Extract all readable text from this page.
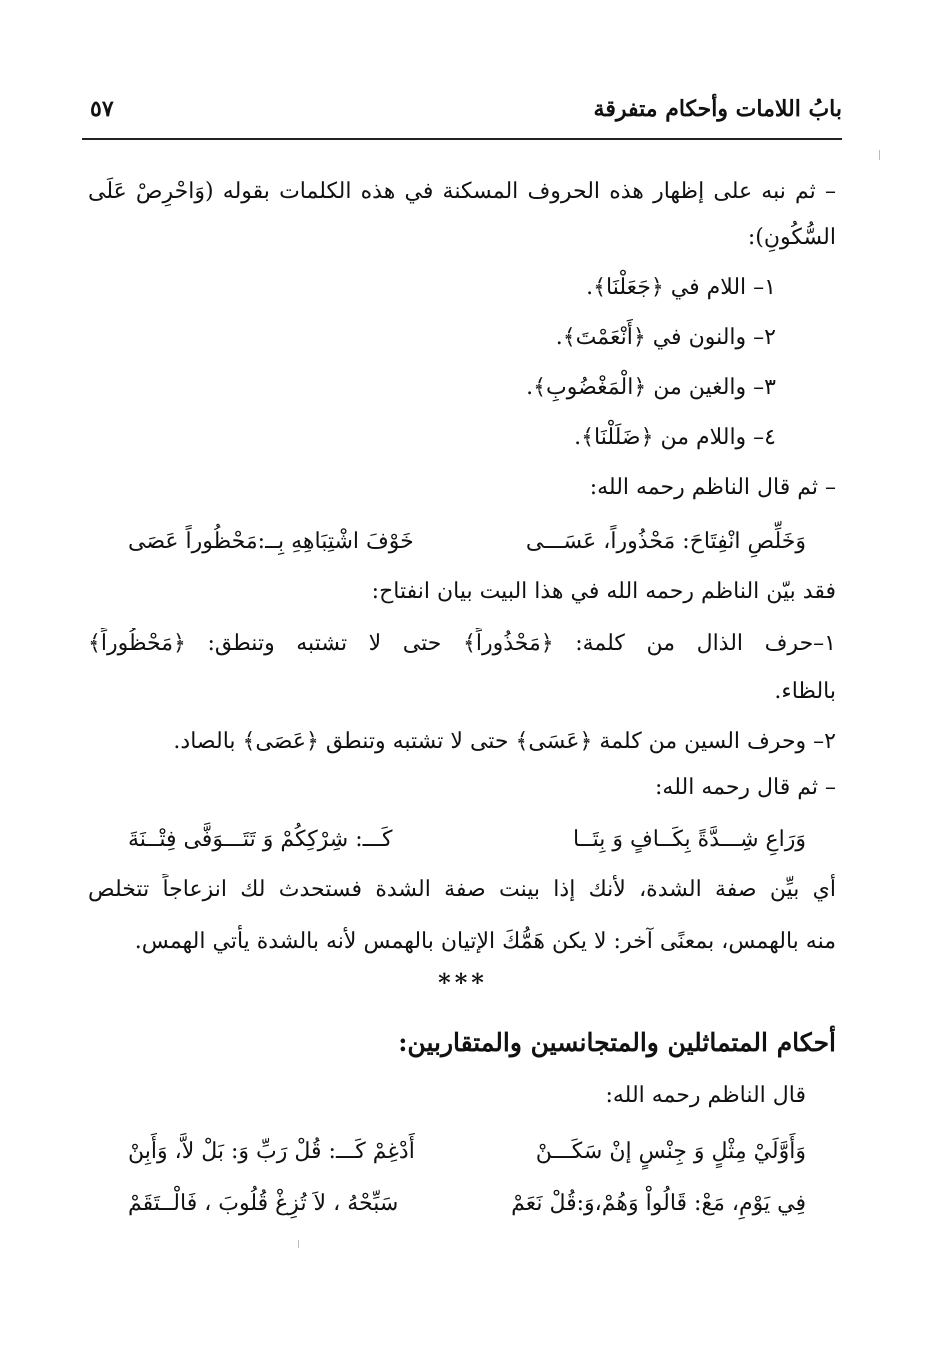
بابُ اللامات وأحكام متفرقة
٥٧
– ثم نبه على إظهار هذه الحروف المسكنة في هذه الكلمات بقوله (وَاحْرِصْ عَلَى
السُّكُونِ):
١– اللام في ﴿جَعَلْنَا﴾.
٢– والنون في ﴿أَنْعَمْتَ﴾.
٣– والغين من ﴿الْمَغْضُوبِ﴾.
٤– واللام من ﴿ضَلَلْنَا﴾.
– ثم قال الناظم رحمه الله:
وَخَلِّصِ انْفِتَاحَ: مَحْذُوراً، عَسَـــى
خَوْفَ اشْتِبَاهِهِ بِــ:مَحْظُوراً عَصَى
فقد بيّن الناظم رحمه الله في هذا البيت بيان انفتاح:
١–حرف الذال من كلمة: ﴿مَحْذُوراً﴾ حتى لا تشتبه وتنطق: ﴿مَحْظُوراً﴾
بالظاء.
٢– وحرف السين من كلمة ﴿عَسَى﴾ حتى لا تشتبه وتنطق ﴿عَصَى﴾ بالصاد.
– ثم قال رحمه الله:
وَرَاعِ شِـــدَّةً بِكَــافٍ وَ بِتَــا
كَـــ: شِرْكِكُمْ وَ تَتَـــوَفَّى فِتْــنَةَ
أي بيِّن صفة الشدة، لأنك إذا بينت صفة الشدة فستحدث لك انزعاجاً تتخلص
منه بالهمس، بمعنًى آخر: لا يكن هَمُّكَ الإتيان بالهمس لأنه بالشدة يأتي الهمس.
***
أحكام المتماثلين والمتجانسين والمتقاربين:
قال الناظم رحمه الله:
وَأَوَّلَيْ مِثْلٍ وَ جِنْسٍ إنْ سَكَـــنْ
أَدْغِمْ كَـــ: قُلْ رَبِّ وَ: بَلْ لاَّ، وَأَبِنْ
فِي يَوْمِ، مَعْ: قَالُواْ وَهُمْ،وَ:قُلْ نَعَمْ
سَبِّحْهُ ، لاَ تُزِغْ قُلُوبَ ، فَالْــتَقَمْ
